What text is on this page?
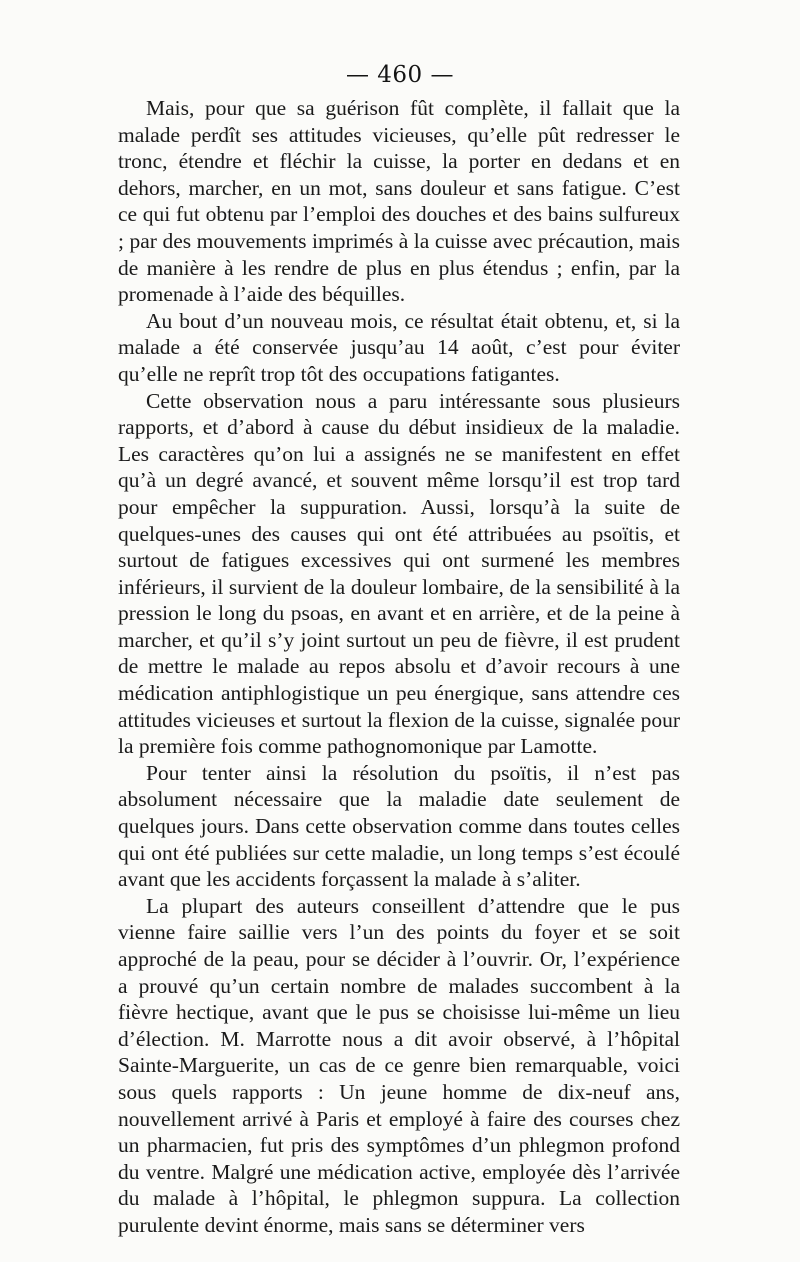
— 460 —

Mais, pour que sa guérison fût complète, il fallait que la malade perdît ses attitudes vicieuses, qu’elle pût redresser le tronc, étendre et fléchir la cuisse, la porter en dedans et en dehors, marcher, en un mot, sans douleur et sans fatigue. C’est ce qui fut obtenu par l’emploi des douches et des bains sulfureux ; par des mouvements imprimés à la cuisse avec précaution, mais de manière à les rendre de plus en plus étendus ; enfin, par la promenade à l’aide des béquilles.

Au bout d’un nouveau mois, ce résultat était obtenu, et, si la malade a été conservée jusqu’au 14 août, c’est pour éviter qu’elle ne reprît trop tôt des occupations fatigantes.

Cette observation nous a paru intéressante sous plusieurs rapports, et d’abord à cause du début insidieux de la maladie. Les caractères qu’on lui a assignés ne se manifestent en effet qu’à un degré avancé, et souvent même lorsqu’il est trop tard pour empêcher la suppuration. Aussi, lorsqu’à la suite de quelques-unes des causes qui ont été attribuées au psoïtis, et surtout de fatigues excessives qui ont surmené les membres inférieurs, il survient de la douleur lombaire, de la sensibilité à la pression le long du psoas, en avant et en arrière, et de la peine à marcher, et qu’il s’y joint surtout un peu de fièvre, il est prudent de mettre le malade au repos absolu et d’avoir recours à une médication antiphlogistique un peu énergique, sans attendre ces attitudes vicieuses et surtout la flexion de la cuisse, signalée pour la première fois comme pathognomonique par Lamotte.

Pour tenter ainsi la résolution du psoïtis, il n’est pas absolument nécessaire que la maladie date seulement de quelques jours. Dans cette observation comme dans toutes celles qui ont été publiées sur cette maladie, un long temps s’est écoulé avant que les accidents forçassent la malade à s’aliter.

La plupart des auteurs conseillent d’attendre que le pus vienne faire saillie vers l’un des points du foyer et se soit approché de la peau, pour se décider à l’ouvrir. Or, l’expérience a prouvé qu’un certain nombre de malades succombent à la fièvre hectique, avant que le pus se choisisse lui-même un lieu d’élection. M. Marrotte nous a dit avoir observé, à l’hôpital Sainte-Marguerite, un cas de ce genre bien remarquable, voici sous quels rapports : Un jeune homme de dix-neuf ans, nouvellement arrivé à Paris et employé à faire des courses chez un pharmacien, fut pris des symptômes d’un phlegmon profond du ventre. Malgré une médication active, employée dès l’arrivée du malade à l’hôpital, le phlegmon suppura. La collection purulente devint énorme, mais sans se déterminer vers
